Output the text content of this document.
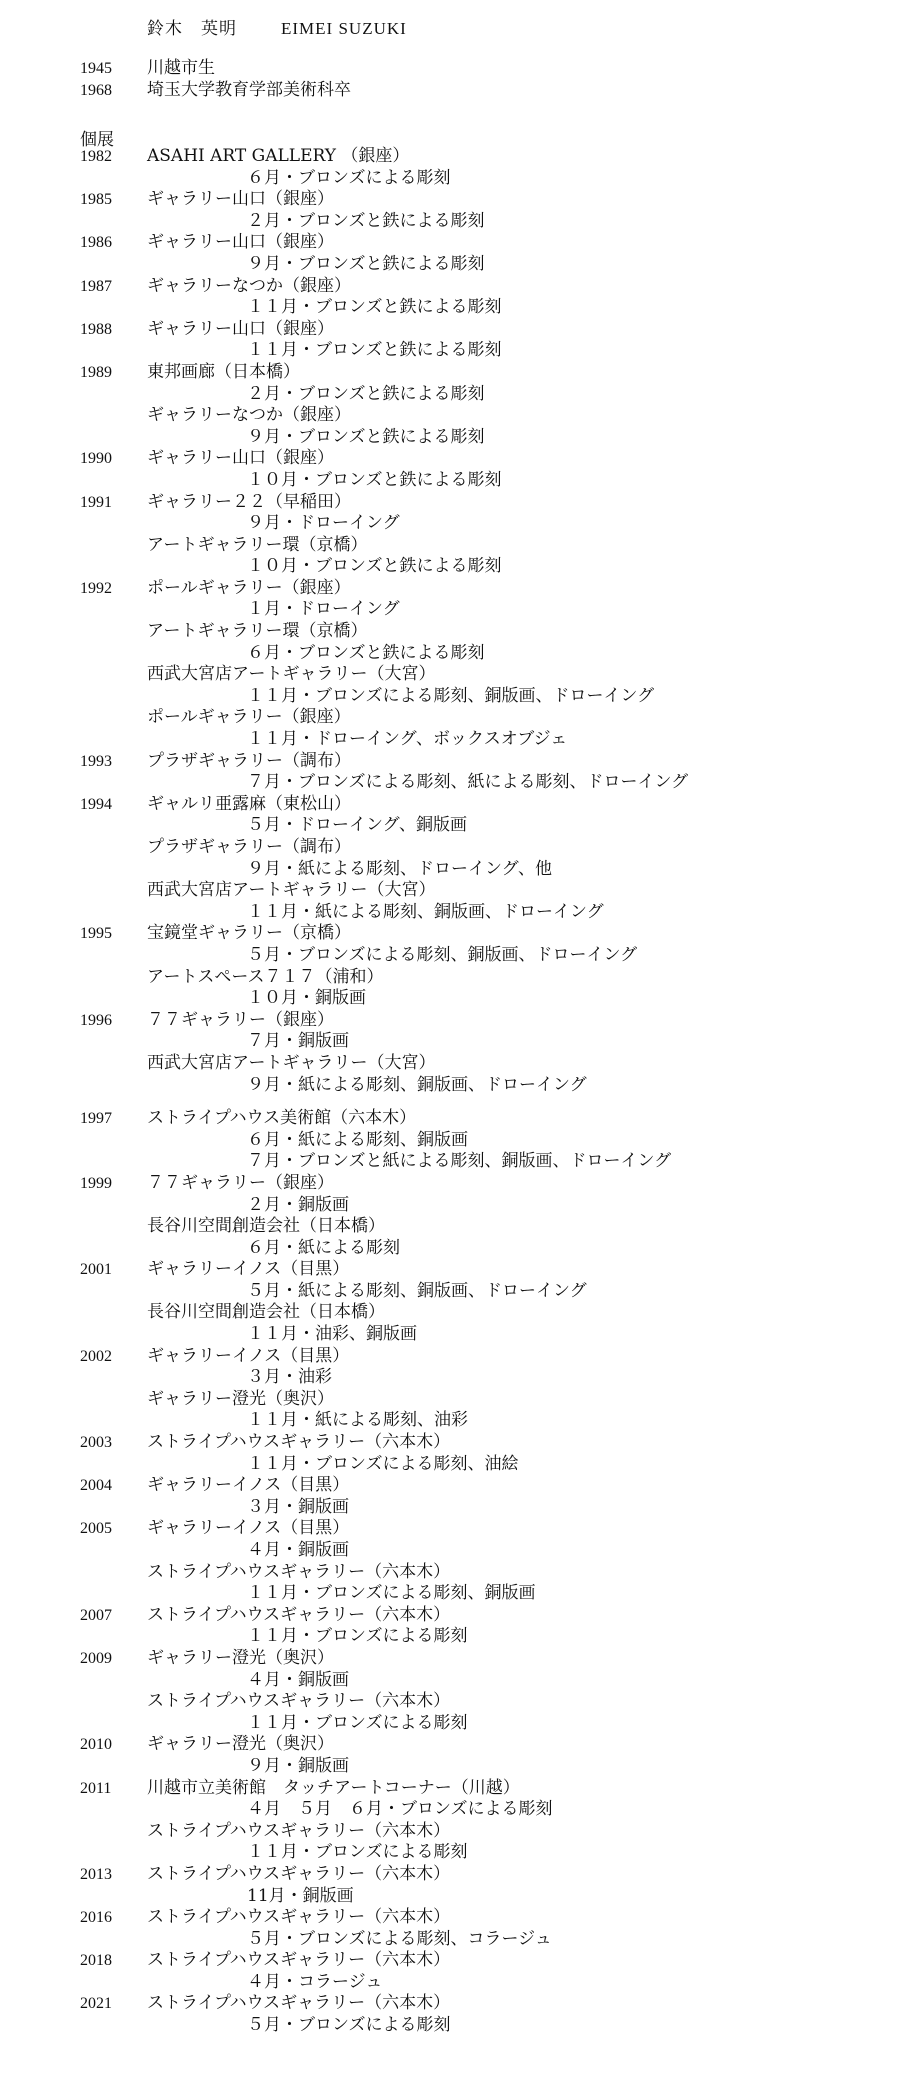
鈴木　英明	EIMEI SUZUKI
1945	川越市生
1968	埼玉大学教育学部美術科卒
個展
1982	ASAHI ART GALLERY （銀座）
６月・ブロンズによる彫刻
1985	ギャラリー山口（銀座）
２月・ブロンズと鉄による彫刻
1986	ギャラリー山口（銀座）
９月・ブロンズと鉄による彫刻
1987	ギャラリーなつか（銀座）
１１月・ブロンズと鉄による彫刻
1988	ギャラリー山口（銀座）
１１月・ブロンズと鉄による彫刻
1989	東邦画廊（日本橋）
２月・ブロンズと鉄による彫刻
ギャラリーなつか（銀座）
９月・ブロンズと鉄による彫刻
1990	ギャラリー山口（銀座）
１０月・ブロンズと鉄による彫刻
1991	ギャラリー２２（早稲田）
９月・ドローイング
アートギャラリー環（京橋）
１０月・ブロンズと鉄による彫刻
1992	ポールギャラリー（銀座）
１月・ドローイング
アートギャラリー環（京橋）
６月・ブロンズと鉄による彫刻
西武大宮店アートギャラリー（大宮）
１１月・ブロンズによる彫刻、銅版画、ドローイング
ポールギャラリー（銀座）
１１月・ドローイング、ボックスオブジェ
1993	プラザギャラリー（調布）
７月・ブロンズによる彫刻、紙による彫刻、ドローイング
1994	ギャルリ亜露麻（東松山）
５月・ドローイング、銅版画
プラザギャラリー（調布）
９月・紙による彫刻、ドローイング、他
西武大宮店アートギャラリー（大宮）
１１月・紙による彫刻、銅版画、ドローイング
1995	宝鏡堂ギャラリー（京橋）
５月・ブロンズによる彫刻、銅版画、ドローイング
アートスペース７１７（浦和）
１０月・銅版画
1996	７７ギャラリー（銀座）
７月・銅版画
西武大宮店アートギャラリー（大宮）
９月・紙による彫刻、銅版画、ドローイング
1997	ストライプハウス美術館（六本木）
６月・紙による彫刻、銅版画
７月・ブロンズと紙による彫刻、銅版画、ドローイング
1999	７７ギャラリー（銀座）
２月・銅版画
長谷川空間創造会社（日本橋）
６月・紙による彫刻
2001	ギャラリーイノス（目黒）
５月・紙による彫刻、銅版画、ドローイング
長谷川空間創造会社（日本橋）
１１月・油彩、銅版画
2002	ギャラリーイノス（目黒）
３月・油彩
ギャラリー澄光（奥沢）
１１月・紙による彫刻、油彩
2003	ストライプハウスギャラリー（六本木）
１１月・ブロンズによる彫刻、油絵
2004	ギャラリーイノス（目黒）
３月・銅版画
2005	ギャラリーイノス（目黒）
４月・銅版画
ストライプハウスギャラリー（六本木）
１１月・ブロンズによる彫刻、銅版画
2007	ストライプハウスギャラリー（六本木）
１１月・ブロンズによる彫刻
2009	ギャラリー澄光（奥沢）
４月・銅版画
ストライプハウスギャラリー（六本木）
１１月・ブロンズによる彫刻
2010	ギャラリー澄光（奥沢）
９月・銅版画
2011	川越市立美術館　タッチアートコーナー（川越）
４月　５月　６月・ブロンズによる彫刻
ストライプハウスギャラリー（六本木）
１１月・ブロンズによる彫刻
2013	ストライプハウスギャラリー（六本木）
11月・銅版画
2016	ストライプハウスギャラリー（六本木）
５月・ブロンズによる彫刻、コラージュ
2018	ストライプハウスギャラリー（六本木）
４月・コラージュ
2021	ストライプハウスギャラリー（六本木）
５月・ブロンズによる彫刻
